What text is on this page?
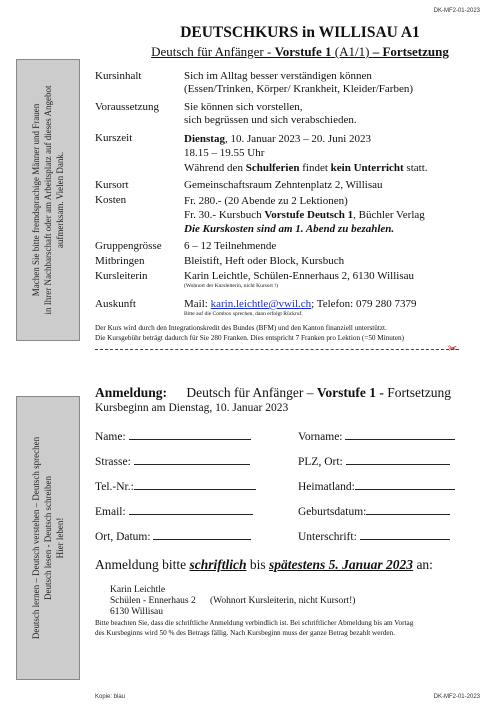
DK-MF2-01-2023
Machen Sie bitte fremdsprachige Männer und Frauen in Ihrer Nachbarschaft oder am Arbeitsplatz auf dieses Angebot aufmerksam. Vielen Dank.
Deutsch lernen – Deutsch verstehen – Deutsch sprechen Deutsch lesen - Deutsch schreiben Hier leben!
DEUTSCHKURS in WILLISAU A1
Deutsch für Anfänger - Vorstufe 1 (A1/1) – Fortsetzung
Kursinhalt	Sich im Alltag besser verständigen können
(Essen/Trinken, Körper/ Krankheit, Kleider/Farben)
Voraussetzung Sie können sich vorstellen,
sich begrüssen und sich verabschieden.
Kurszeit	Dienstag, 10. Januar 2023 – 20. Juni 2023
18.15 – 19.55 Uhr
Während den Schulferien findet kein Unterricht statt.
Kursort	Gemeinschaftsraum Zehntenplatz 2, Willisau
Kosten	Fr. 280.- (20 Abende zu 2 Lektionen)
Fr. 30.- Kursbuch Vorstufe Deutsch 1, Büchler Verlag
Die Kurskosten sind am 1. Abend zu bezahlen.
Gruppengrösse 6 – 12 Teilnehmende
Mitbringen	Bleistift, Heft oder Block, Kursbuch
Kursleiterin	Karin Leichtle, Schülen-Ennerhaus 2, 6130 Willisau
(Wohnort der Kursleiterin, nicht Kursort !)
Auskunft	Mail: karin.leichtle@vwil.ch; Telefon: 079 280 7379
Bitte auf die Combox sprechen, dann erfolgt Rückruf.
Der Kurs wird durch den Integrationskredit des Bundes (BFM) und den Kanton finanziell unterstützt.
Die Kursgebühr beträgt dadurch für Sie 280 Franken. Dies entspricht 7 Franken pro Lektion (=50 Minuten)
✂
Anmeldung: Deutsch für Anfänger – Vorstufe 1 - Fortsetzung
Kursbeginn am Dienstag, 10. Januar 2023
Name:	Vorname:
Strasse:	PLZ, Ort:
Tel.-Nr.:	Heimatland:
Email:	Geburtsdatum:
Ort, Datum:	Unterschrift:
Anmeldung bitte schriftlich bis spätestens 5. Januar 2023 an:
Karin Leichtle
Schülen - Ennerhaus 2 (Wohnort Kursleiterin, nicht Kursort!)
6130 Willisau
Bitte beachten Sie, dass die schriftliche Anmeldung verbindlich ist. Bei schriftlicher Abmeldung bis am Vortag
des Kursbeginns wird 50 % des Betrags fällig. Nach Kursbeginn muss der ganze Betrag bezahlt werden.
Kopie: blau	DK-MF2-01-2023
